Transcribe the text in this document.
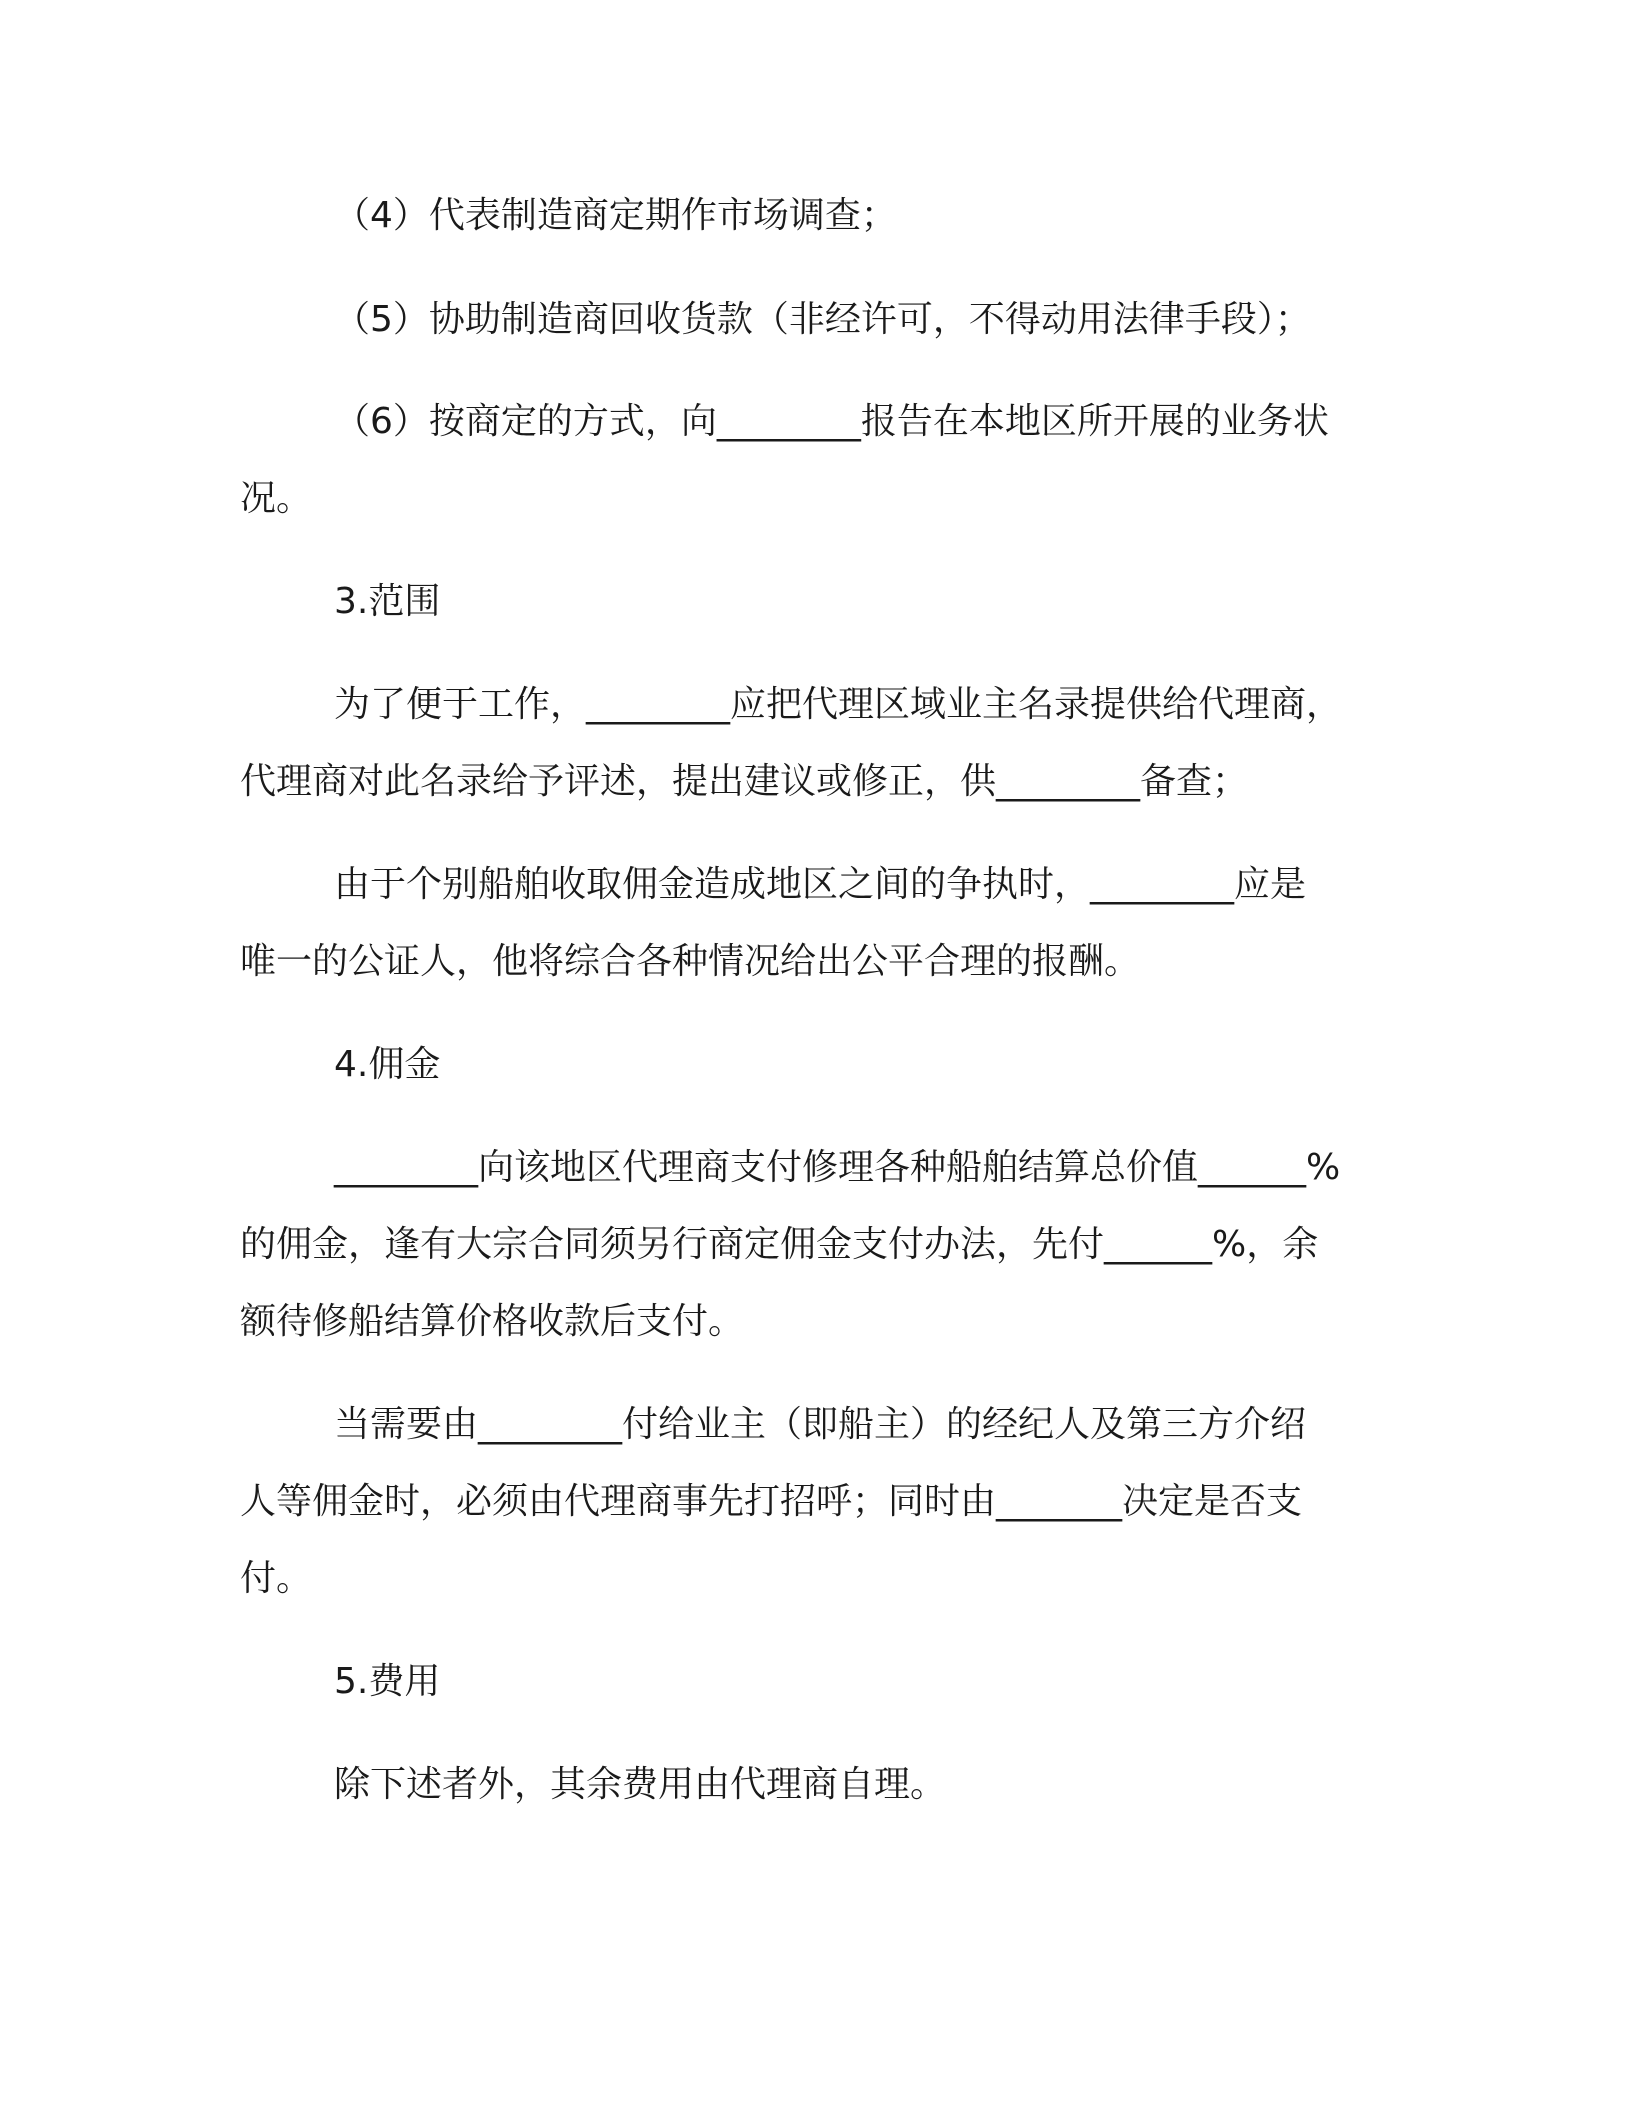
（4）代表制造商定期作市场调查；
（5）协助制造商回收货款（非经许可，不得动用法律手段）；
（6）按商定的方式，向________报告在本地区所开展的业务状
况。
3.范围
为了便于工作，________应把代理区域业主名录提供给代理商，
代理商对此名录给予评述，提出建议或修正，供________备查；
由于个别船舶收取佣金造成地区之间的争执时，________应是
唯一的公证人，他将综合各种情况给出公平合理的报酬。
4.佣金
________向该地区代理商支付修理各种船舶结算总价值______%
的佣金，逢有大宗合同须另行商定佣金支付办法，先付______%，余
额待修船结算价格收款后支付。
当需要由________付给业主（即船主）的经纪人及第三方介绍
人等佣金时，必须由代理商事先打招呼；同时由_______决定是否支
付。
5.费用
除下述者外，其余费用由代理商自理。
